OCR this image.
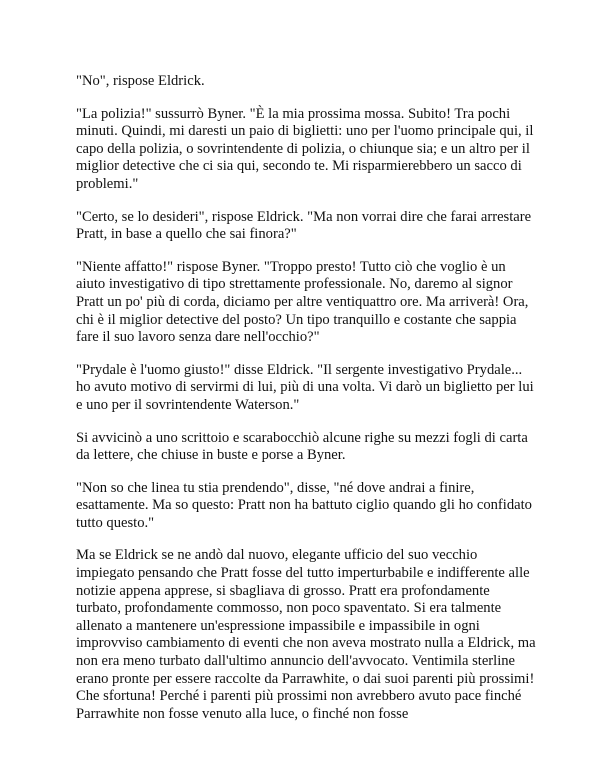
"No", rispose Eldrick.

"La polizia!" sussurrò Byner. "È la mia prossima mossa. Subito! Tra pochi minuti. Quindi, mi daresti un paio di biglietti: uno per l'uomo principale qui, il capo della polizia, o sovrintendente di polizia, o chiunque sia; e un altro per il miglior detective che ci sia qui, secondo te. Mi risparmierebbero un sacco di problemi."

"Certo, se lo desideri", rispose Eldrick. "Ma non vorrai dire che farai arrestare Pratt, in base a quello che sai finora?"

"Niente affatto!" rispose Byner. "Troppo presto! Tutto ciò che voglio è un aiuto investigativo di tipo strettamente professionale. No, daremo al signor Pratt un po' più di corda, diciamo per altre ventiquattro ore. Ma arriverà! Ora, chi è il miglior detective del posto? Un tipo tranquillo e costante che sappia fare il suo lavoro senza dare nell'occhio?"

"Prydale è l'uomo giusto!" disse Eldrick. "Il sergente investigativo Prydale... ho avuto motivo di servirmi di lui, più di una volta. Vi darò un biglietto per lui e uno per il sovrintendente Waterson."

Si avvicinò a uno scrittoio e scarabocchiò alcune righe su mezzi fogli di carta da lettere, che chiuse in buste e porse a Byner.

"Non so che linea tu stia prendendo", disse, "né dove andrai a finire, esattamente. Ma so questo: Pratt non ha battuto ciglio quando gli ho confidato tutto questo."

Ma se Eldrick se ne andò dal nuovo, elegante ufficio del suo vecchio impiegato pensando che Pratt fosse del tutto imperturbabile e indifferente alle notizie appena apprese, si sbagliava di grosso. Pratt era profondamente turbato, profondamente commosso, non poco spaventato. Si era talmente allenato a mantenere un'espressione impassibile e impassibile in ogni improvviso cambiamento di eventi che non aveva mostrato nulla a Eldrick, ma non era meno turbato dall'ultimo annuncio dell'avvocato. Ventimila sterline erano pronte per essere raccolte da Parrawhite, o dai suoi parenti più prossimi! Che sfortuna! Perché i parenti più prossimi non avrebbero avuto pace finché Parrawhite non fosse venuto alla luce, o finché non fosse
